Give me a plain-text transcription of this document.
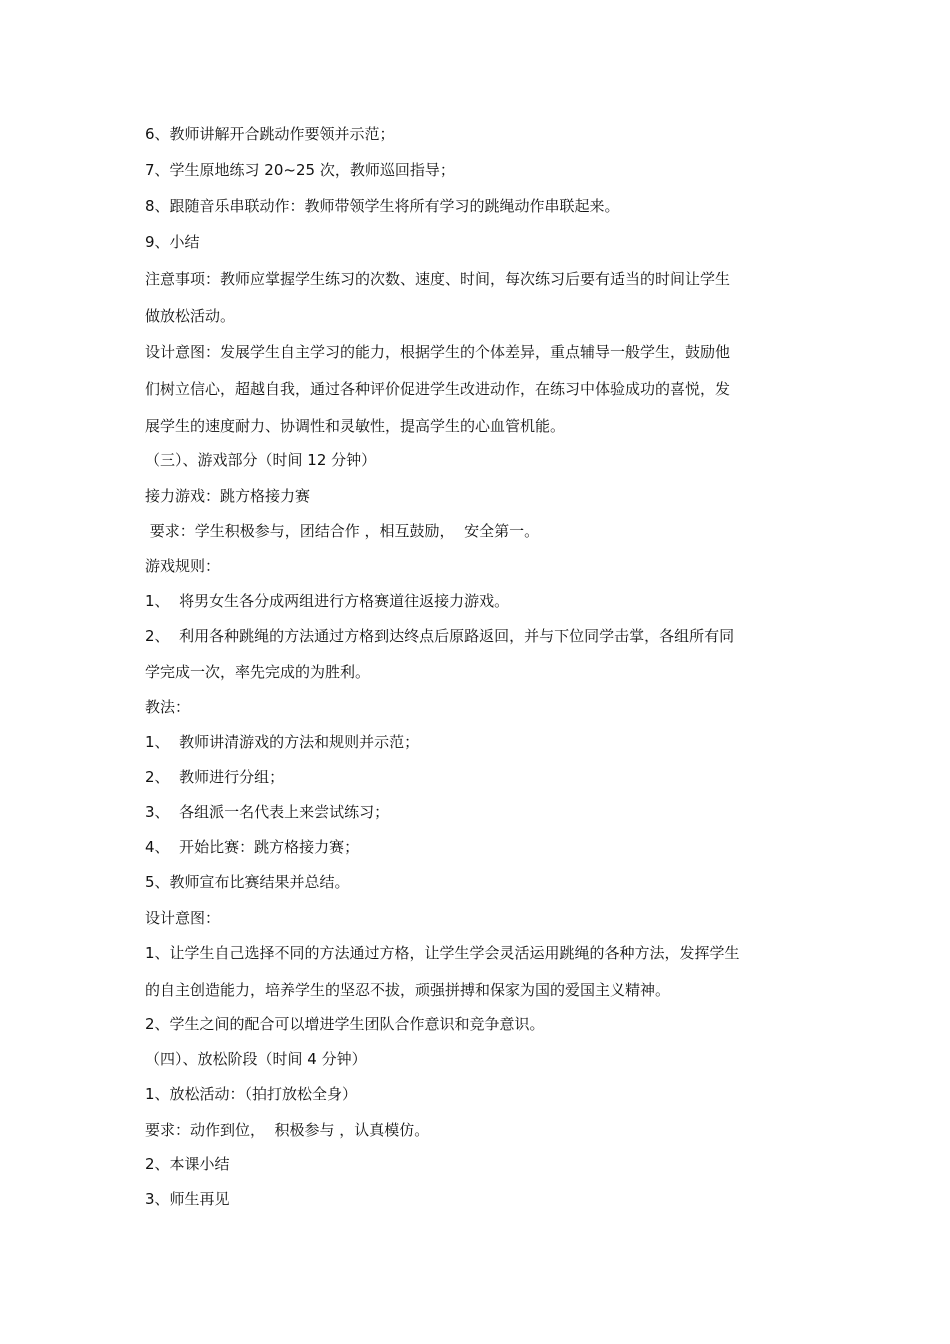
6、教师讲解开合跳动作要领并示范；

7、学生原地练习 20~25 次，教师巡回指导；

8、跟随音乐串联动作：教师带领学生将所有学习的跳绳动作串联起来。

9、小结

注意事项：教师应掌握学生练习的次数、速度、时间，每次练习后要有适当的时间让学生

做放松活动。

设计意图：发展学生自主学习的能力，根据学生的个体差异，重点辅导一般学生，鼓励他

们树立信心，超越自我，通过各种评价促进学生改进动作，在练习中体验成功的喜悦，发

展学生的速度耐力、协调性和灵敏性，提高学生的心血管机能。

（三）、游戏部分（时间 12 分钟）

接力游戏：跳方格接力赛

要求：学生积极参与，团结合作 ，相互鼓励，  安全第一。

游戏规则：

1、  将男女生各分成两组进行方格赛道往返接力游戏。

2、  利用各种跳绳的方法通过方格到达终点后原路返回，并与下位同学击掌，各组所有同

学完成一次，率先完成的为胜利。

教法：

1、  教师讲清游戏的方法和规则并示范；

2、  教师进行分组；

3、  各组派一名代表上来尝试练习；

4、  开始比赛：跳方格接力赛；

5、教师宣布比赛结果并总结。

设计意图：

1、让学生自己选择不同的方法通过方格，让学生学会灵活运用跳绳的各种方法，发挥学生

的自主创造能力，培养学生的坚忍不拔，顽强拼搏和保家为国的爱国主义精神。

2、学生之间的配合可以增进学生团队合作意识和竞争意识。

（四）、放松阶段（时间 4 分钟）

1、放松活动：（拍打放松全身）

要求：动作到位，  积极参与 ，认真模仿。

2、本课小结

3、师生再见
